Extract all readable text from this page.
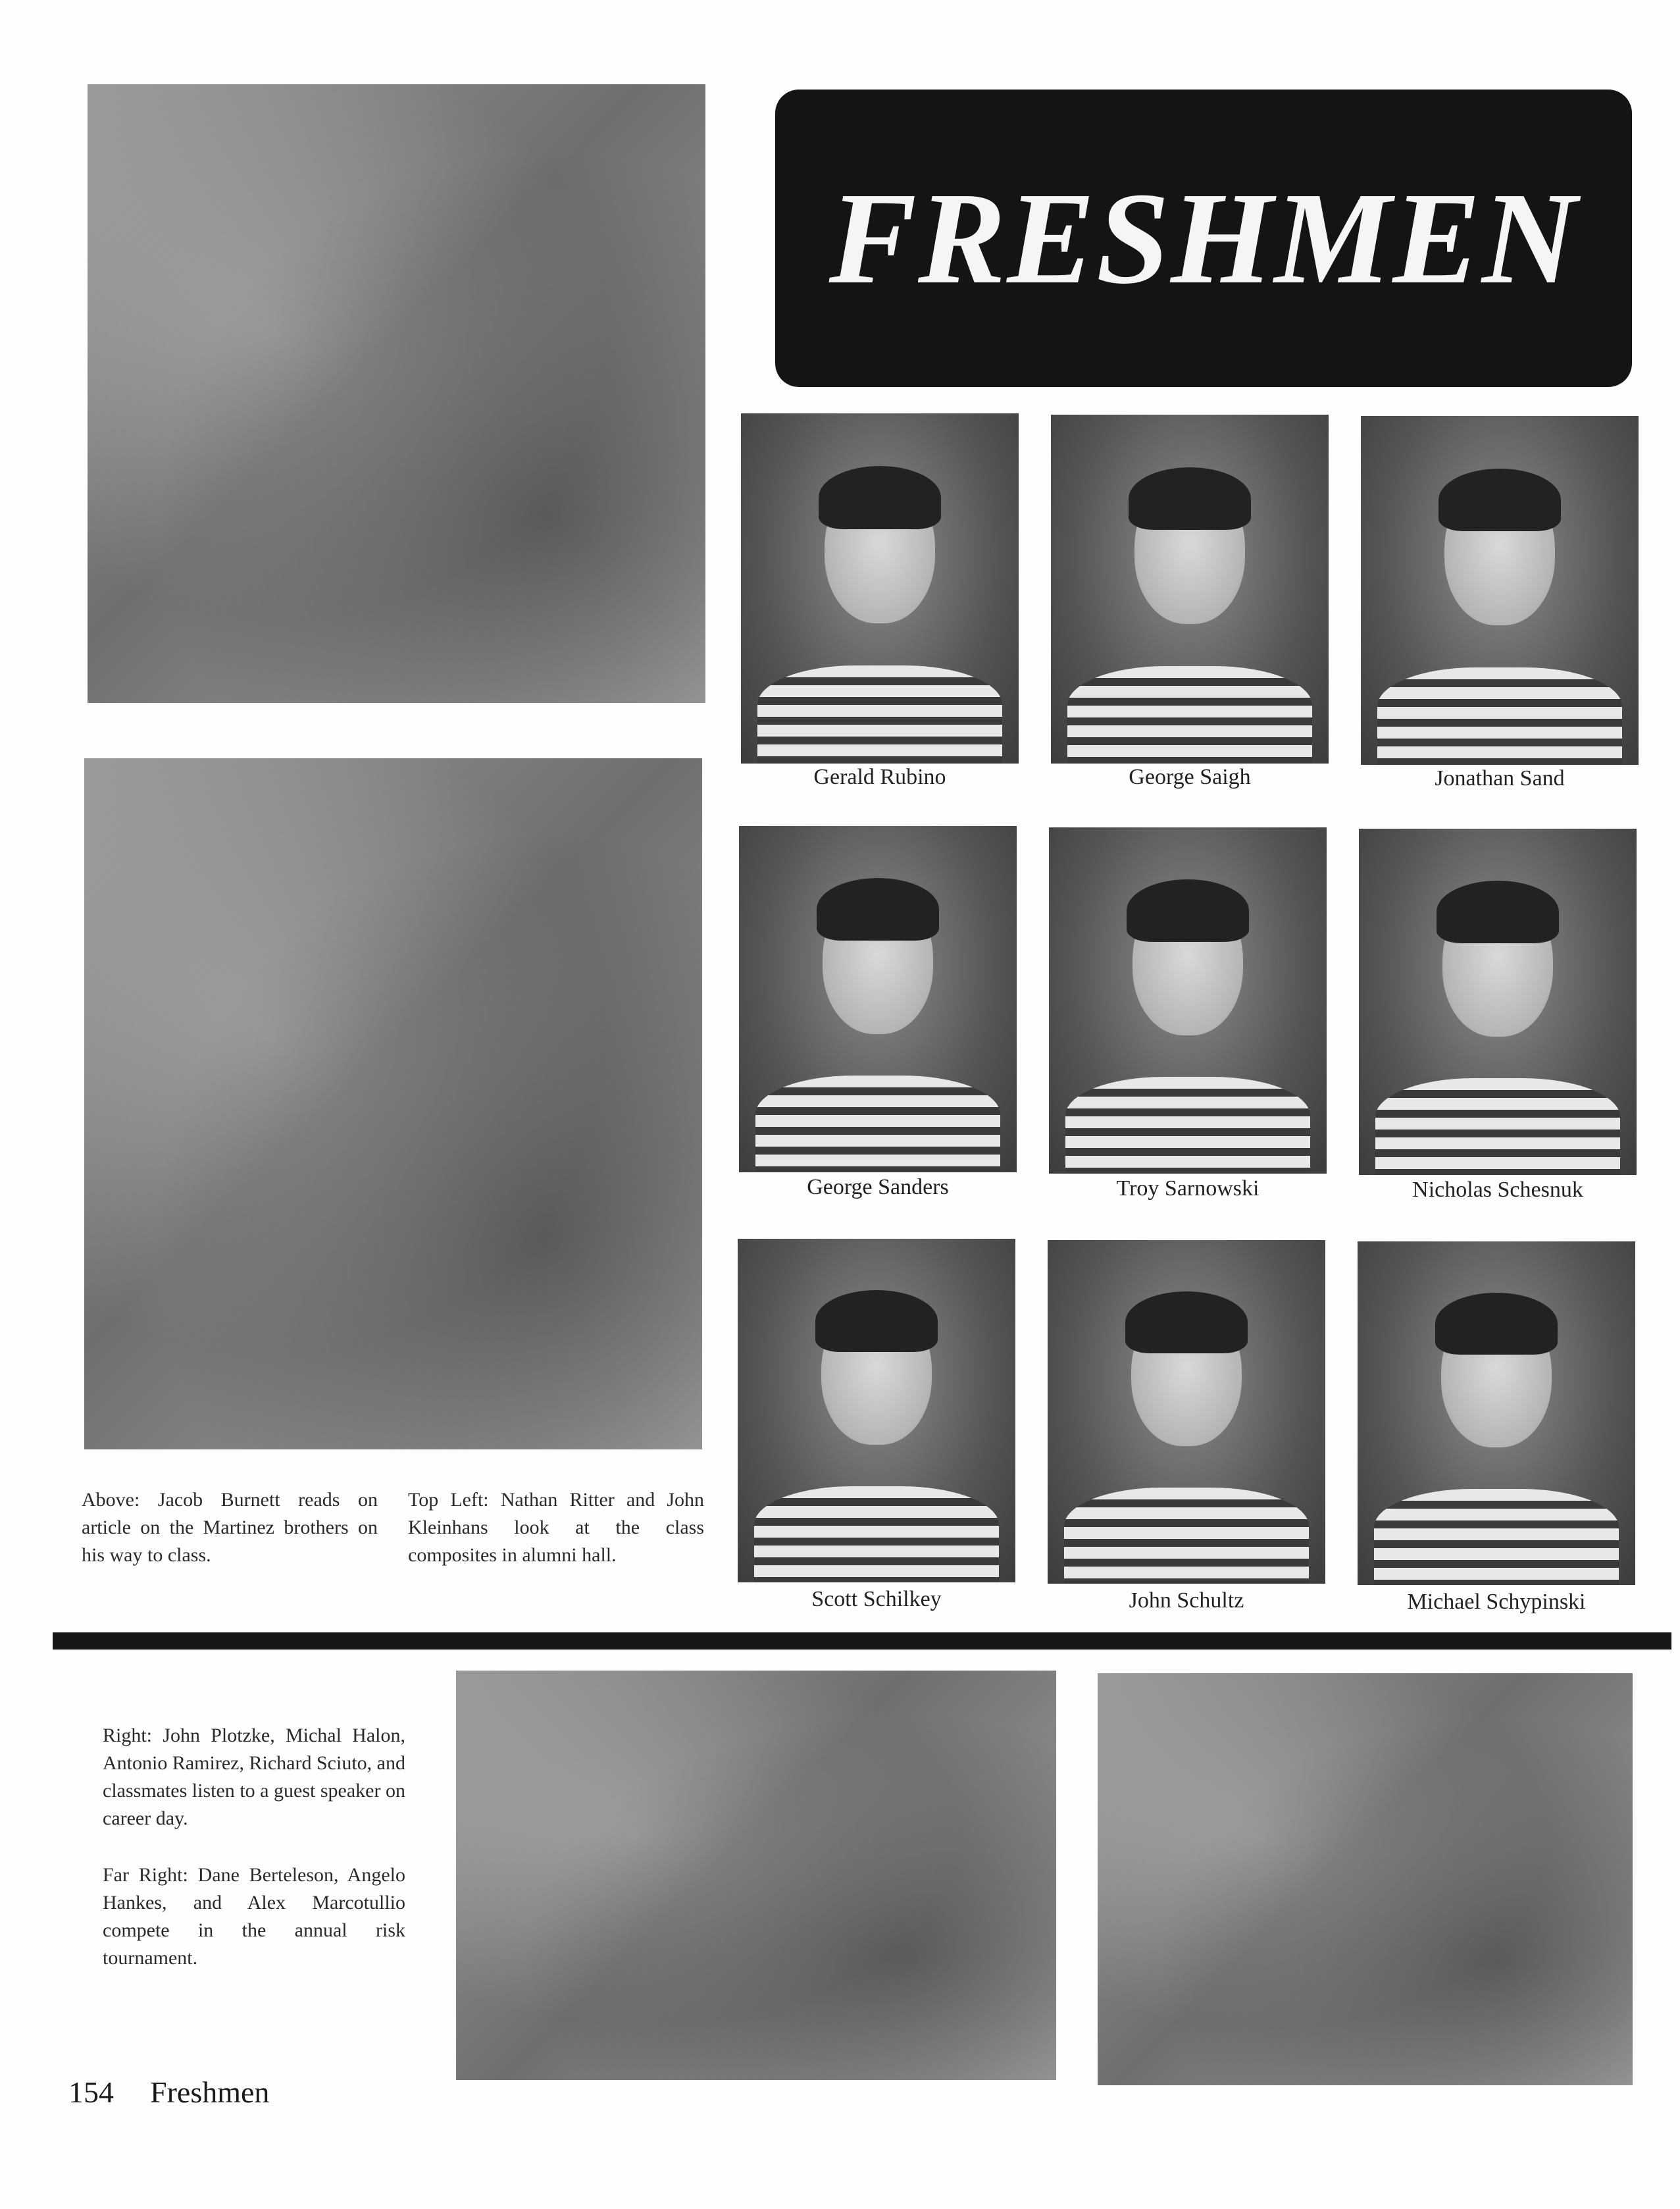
FRESHMEN
Gerald Rubino	George Saigh	Jonathan Sand
George Sanders	Troy Sarnowski	Nicholas Schesnuk
Scott Schilkey	John Schultz	Michael Schypinski
Above: Jacob Burnett reads on article on the Martinez brothers on his way to class.
Top Left: Nathan Ritter and John Kleinhans look at the class composites in alumni hall.
Right: John Plotzke, Michal Halon, Antonio Ramirez, Richard Sciuto, and classmates listen to a guest speaker on career day.
Far Right: Dane Berteleson, Angelo Hankes, and Alex Marcotullio compete in the annual risk tournament.
154 Freshmen
